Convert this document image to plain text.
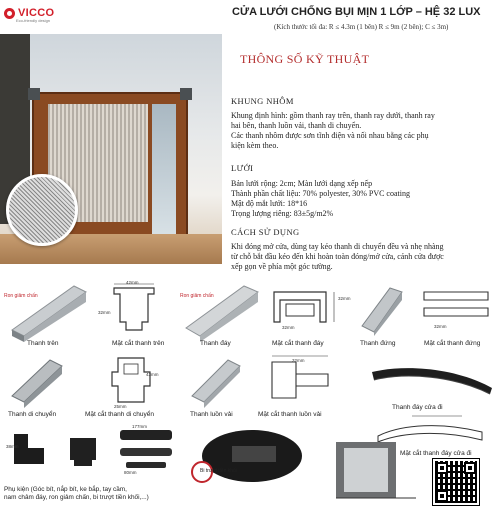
VICCO
Eco-friendly design
CỬA LƯỚI CHỐNG BỤI MỊN 1 LỚP – HỆ 32 LUX
(Kích thước tối đa: R ≤ 4.3m (1 bên) R ≤ 9m (2 bên); C ≤ 3m)
THÔNG SỐ KỸ THUẬT
KHUNG NHÔM
Khung định hình: gồm thanh ray trên, thanh ray dưới, thanh ray
hai bên, thanh luồn vải, thanh di chuyển.
Các thanh nhôm được sơn tĩnh điện và nối nhau bằng các phụ
kiện kèm theo.
LƯỚI
Bản lưới rộng: 2cm; Màn lưới dạng xếp nếp
Thành phần chất liệu: 70% polyester, 30% PVC coating
Mật độ mắt lưới: 18*16
Trọng lượng riêng: 83±5g/m2%
CÁCH SỬ DỤNG
Khi đóng mở cửa, dùng tay kéo thanh di chuyển đều và nhẹ nhàng
từ chỗ bắt đầu kéo đến khi hoàn toàn đóng/mở cửa, cánh cửa được
xếp gọn về phía một góc tường.
Ron giảm chấn
Thanh trên
42mm
32mm
Mặt cắt thanh trên
Ron giảm chấn
Thanh đáy
32mm
32mm
Mặt cắt thanh đáy	Thanh đứng
32mm
Mặt cắt thanh đứng
Thanh di chuyển
25mm
43mm
Mặt cắt thanh di chuyển	Thanh luồn vải
32mm
Mặt cắt thanh luồn vải
Thanh đáy cửa đi
Mặt cắt thanh đáy cửa đi
177mm
80mm
38mm
Bi trượt tiền khối
Phụ kiện (Góc bít, nắp bít, ke bắp, tay cầm,
nam châm đáy, ron giảm chấn, bi trượt tiền khối,...)
